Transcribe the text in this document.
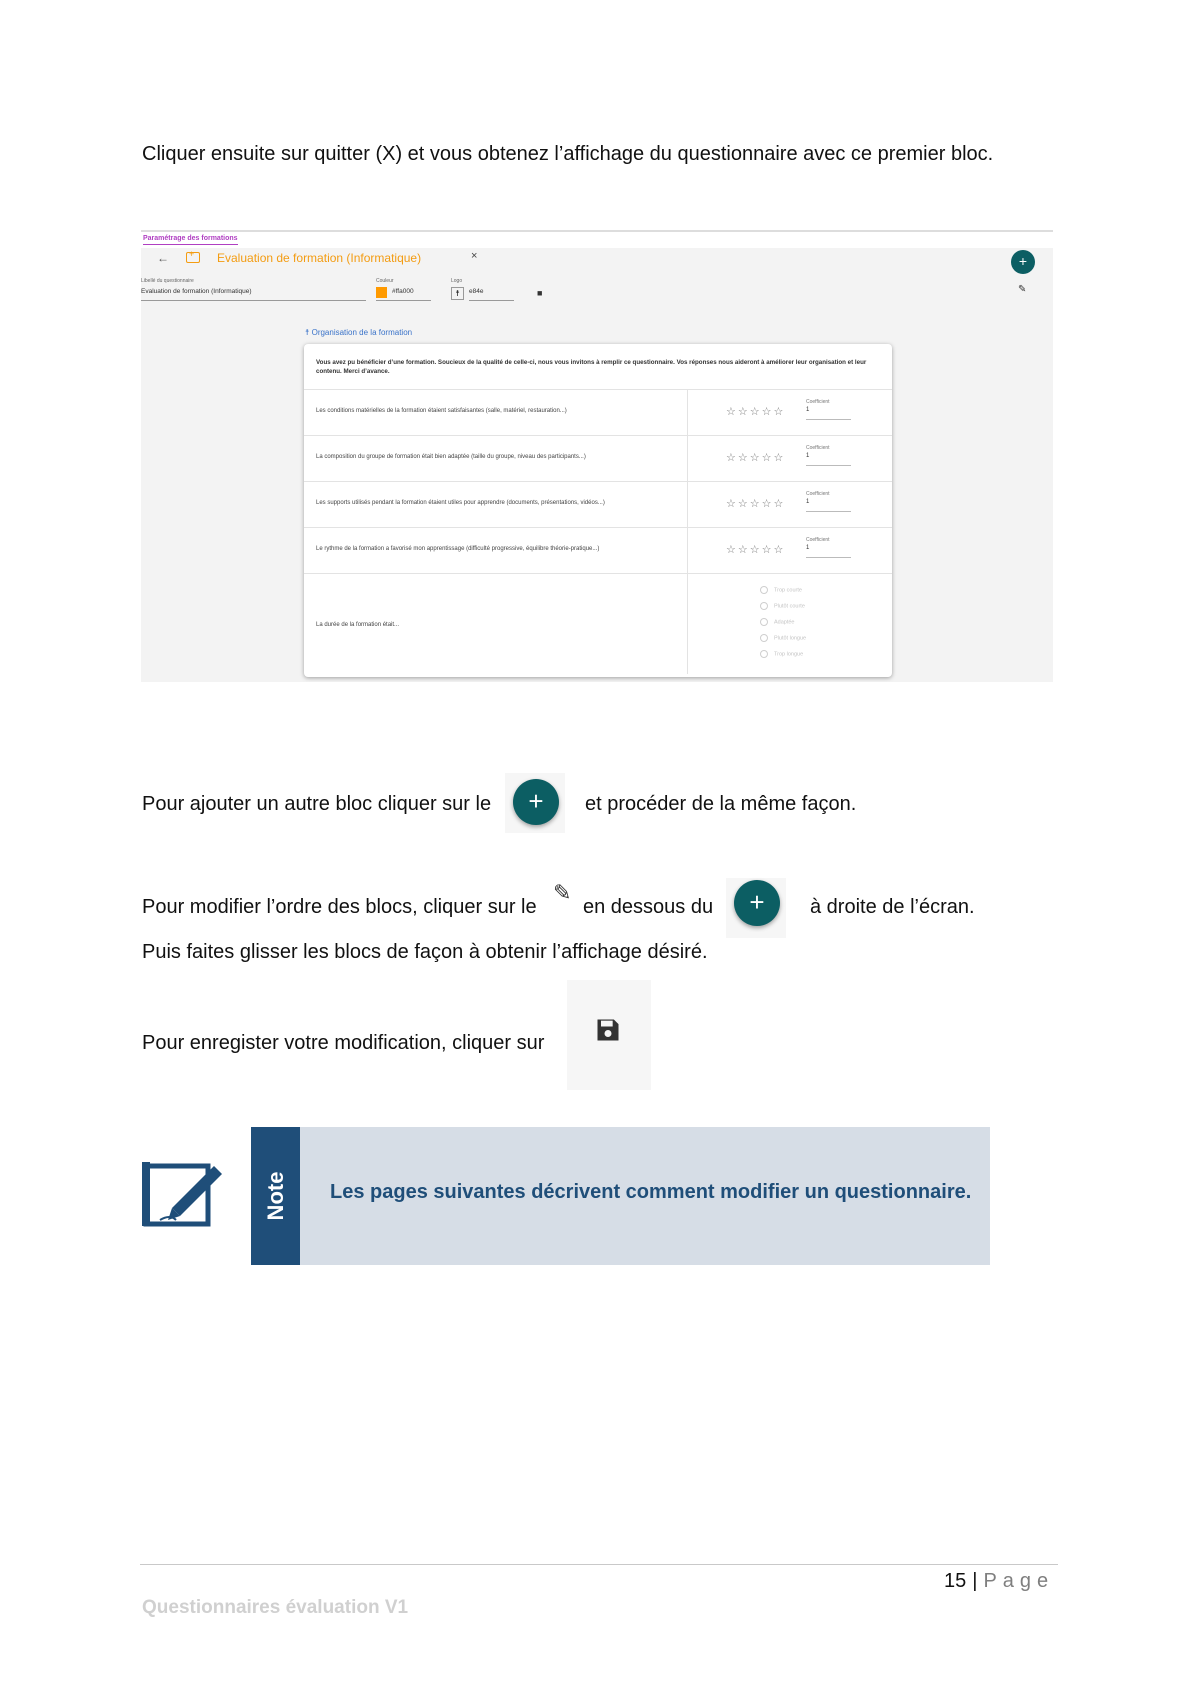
Cliquer ensuite sur quitter (X) et vous obtenez l’affichage du questionnaire avec ce premier bloc.
Paramétrage des formations
←
+	Evaluation de formation (Informatique)	×	+
✎
Libellé du questionnaire
Evaluation de formation (Informatique)
Couleur
#ffa000
Logo
☨	e84e	■
☨ Organisation de la formation
Vous avez pu bénéficier d’une formation. Soucieux de la qualité de celle-ci, nous vous invitons à remplir ce questionnaire. Vos réponses nous aideront à améliorer leur organisation et leur contenu. Merci d’avance.
Les conditions matérielles de la formation étaient satisfaisantes (salle, matériel, restauration...)	☆☆☆☆☆
Coefficient
1
La composition du groupe de formation était bien adaptée (taille du groupe, niveau des participants...)	☆☆☆☆☆
Coefficient
1
Les supports utilisés pendant la formation étaient utiles pour apprendre (documents, présentations, vidéos...)	☆☆☆☆☆
Coefficient
1
Le rythme de la formation a favorisé mon apprentissage (difficulté progressive, équilibre théorie-pratique...)	☆☆☆☆☆
Coefficient
1
La durée de la formation était...
Trop courte
Plutôt courte
Adaptée
Plutôt longue
Trop longue
Pour ajouter un autre bloc cliquer sur le	+	et procéder de la même façon.
Pour modifier l’ordre des blocs, cliquer sur le
✎
en dessous du	+	à droite de l’écran.
Puis faites glisser les blocs de façon à obtenir l’affichage désiré.
Pour enregister votre modification, cliquer sur
Note Les pages suivantes décrivent comment modifier un questionnaire.
15 | Page
Questionnaires évaluation V1
